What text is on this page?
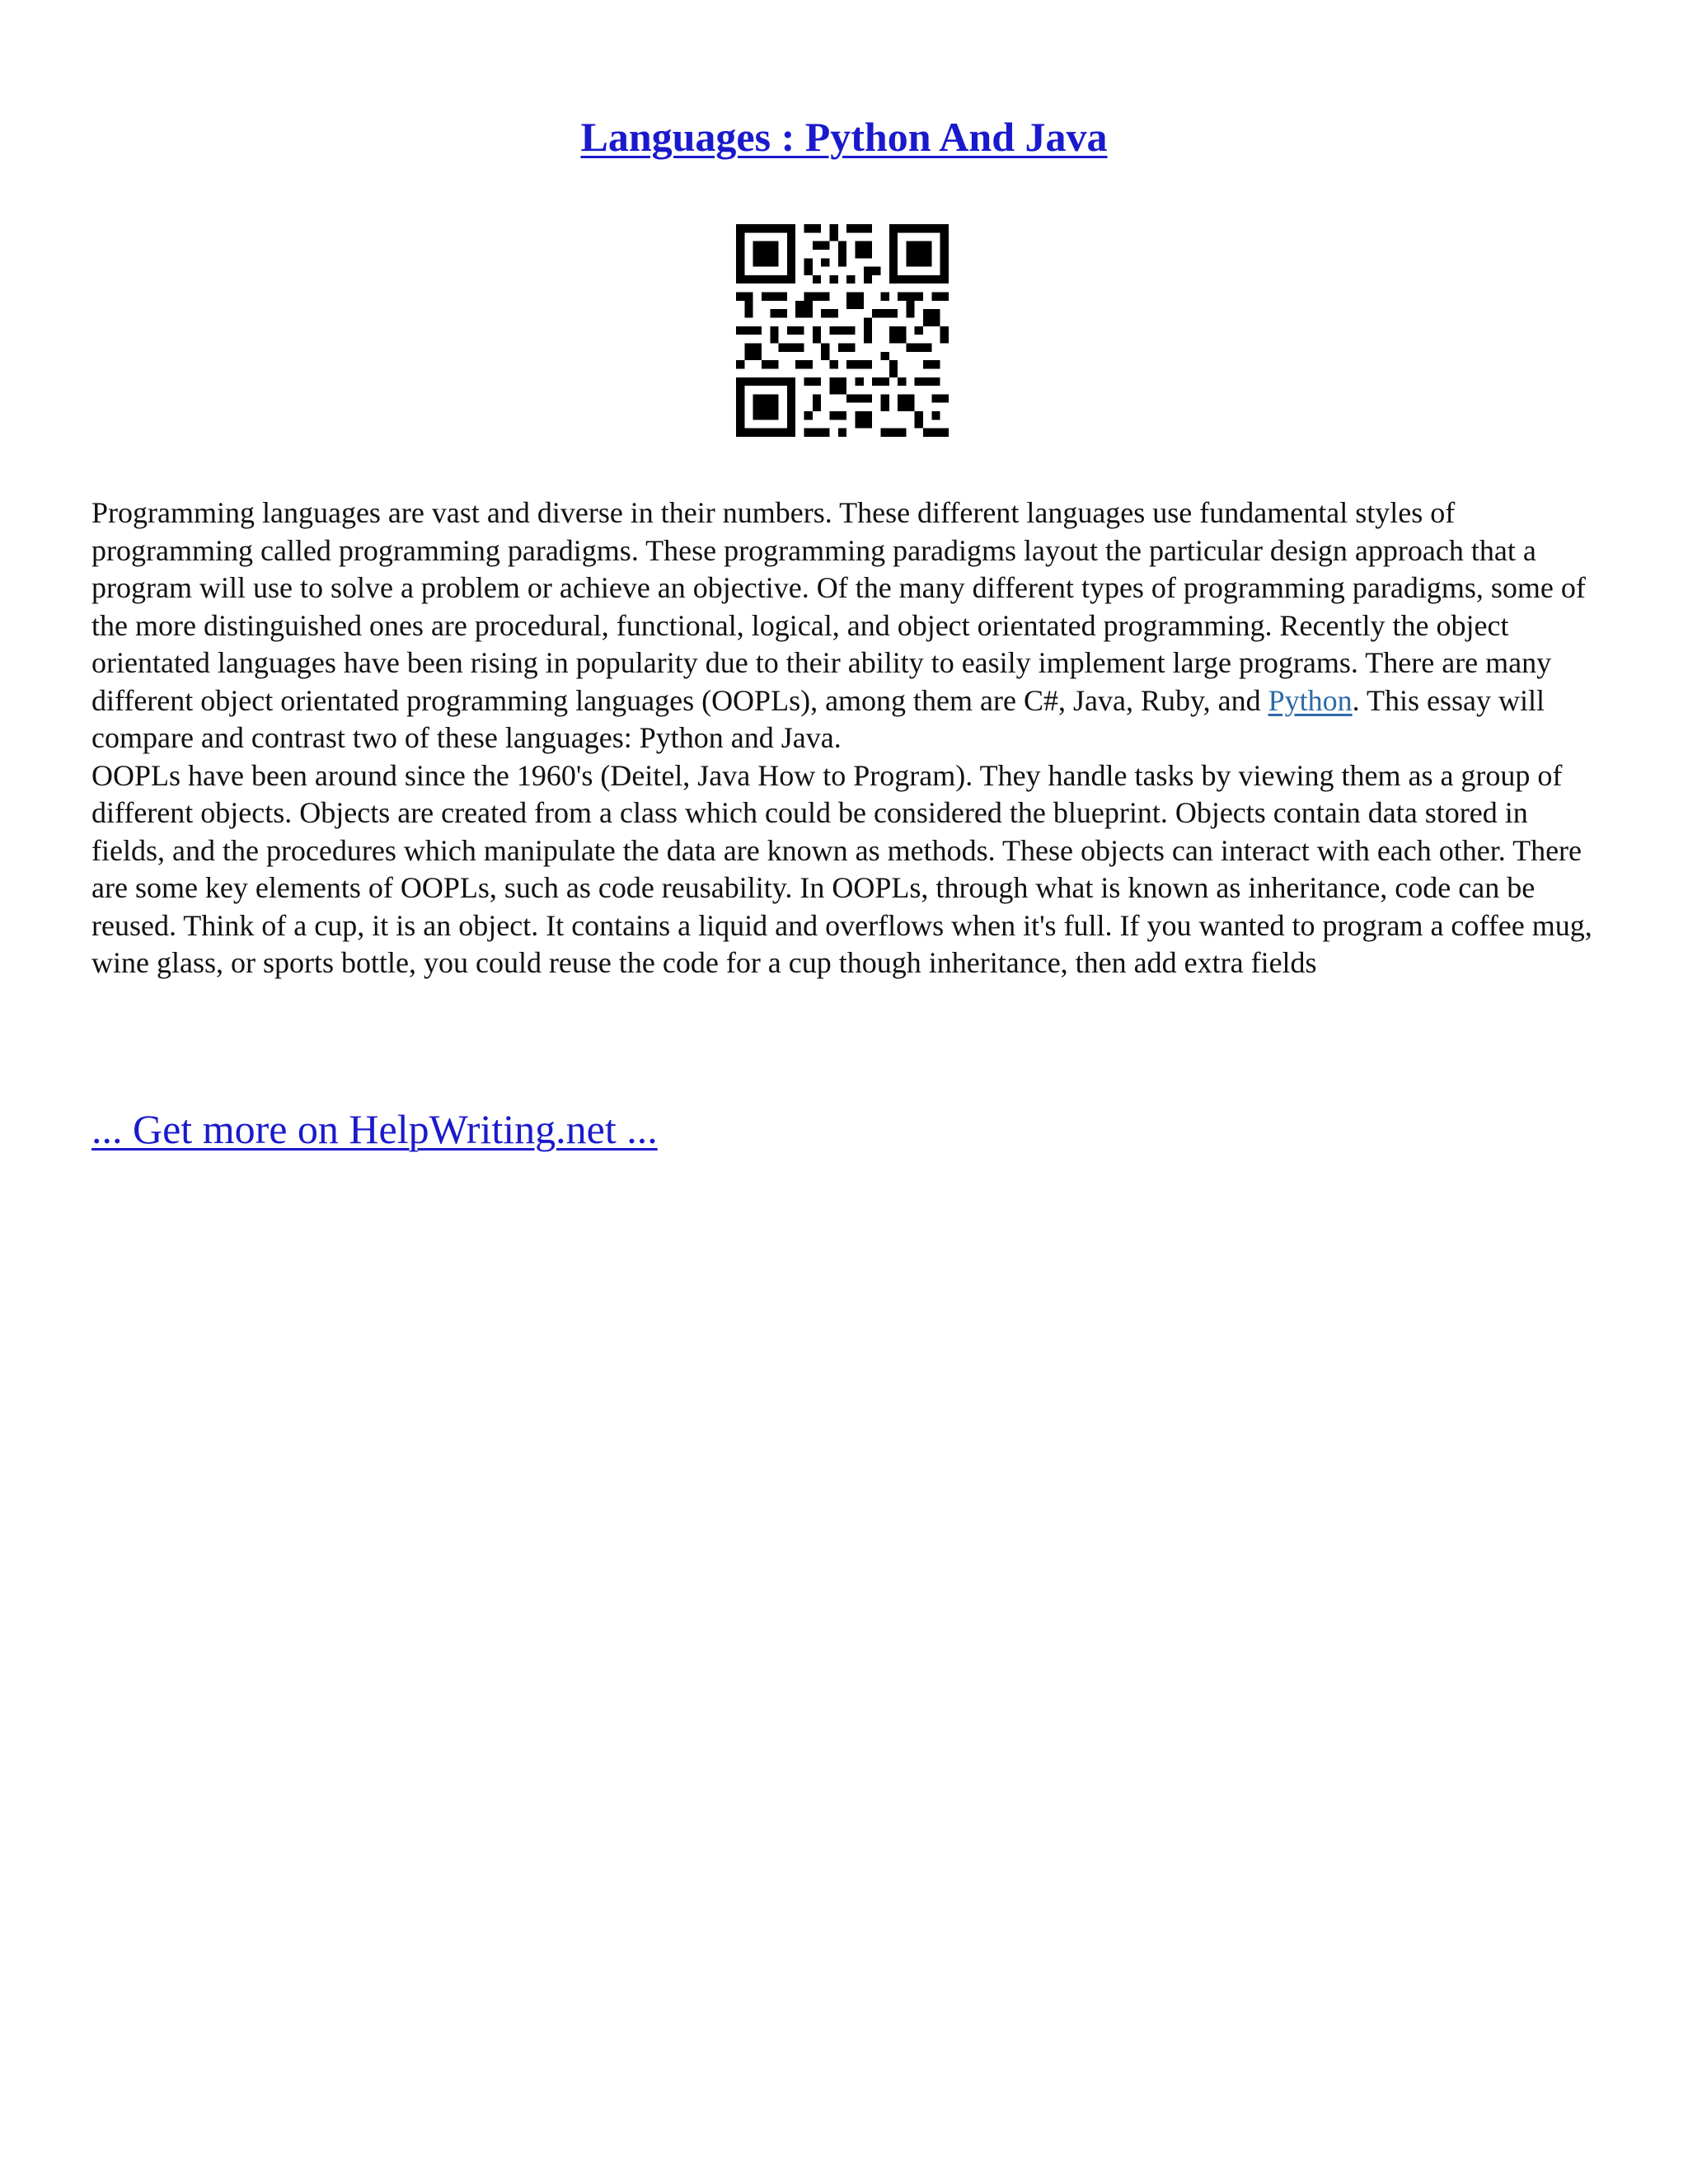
Languages : Python And Java

Programming languages are vast and diverse in their numbers. These different languages use fundamental styles of programming called programming paradigms. These programming paradigms layout the particular design approach that a program will use to solve a problem or achieve an objective. Of the many different types of programming paradigms, some of the more distinguished ones are procedural, functional, logical, and object orientated programming. Recently the object orientated languages have been rising in popularity due to their ability to easily implement large programs. There are many different object orientated programming languages (OOPLs), among them are C#, Java, Ruby, and Python. This essay will compare and contrast two of these languages: Python and Java.

OOPLs have been around since the 1960's (Deitel, Java How to Program). They handle tasks by viewing them as a group of different objects. Objects are created from a class which could be considered the blueprint. Objects contain data stored in fields, and the procedures which manipulate the data are known as methods. These objects can interact with each other. There are some key elements of OOPLs, such as code reusability. In OOPLs, through what is known as inheritance, code can be reused. Think of a cup, it is an object. It contains a liquid and overflows when it's full. If you wanted to program a coffee mug, wine glass, or sports bottle, you could reuse the code for a cup though inheritance, then add extra fields

... Get more on HelpWriting.net ...
